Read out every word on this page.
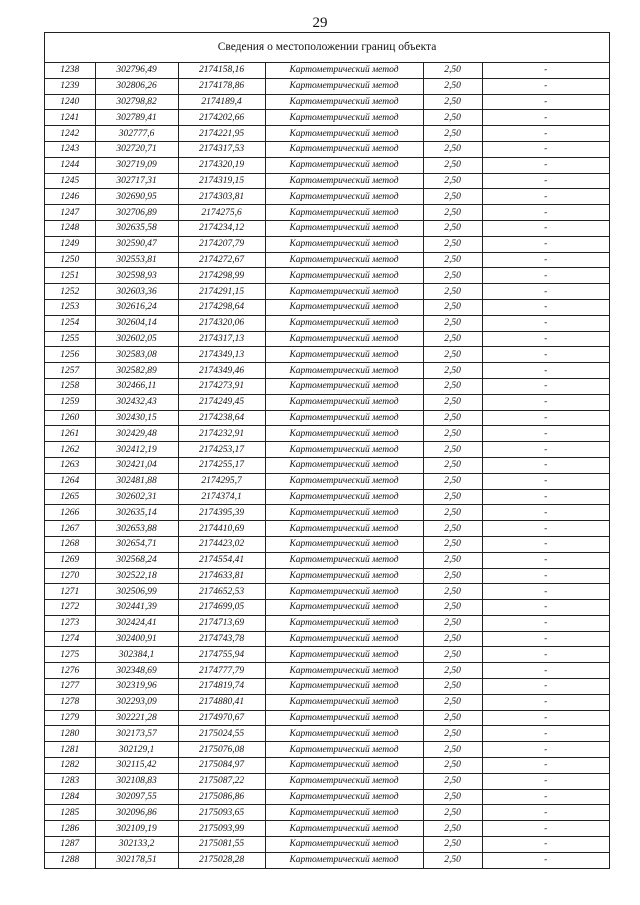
29
Сведения о местоположении границ объекта
1238	302796,49	2174158,16	Картометрический метод	2,50	-
1239	302806,26	2174178,86	Картометрический метод	2,50	-
1240	302798,82	2174189,4	Картометрический метод	2,50	-
1241	302789,41	2174202,66	Картометрический метод	2,50	-
1242	302777,6	2174221,95	Картометрический метод	2,50	-
1243	302720,71	2174317,53	Картометрический метод	2,50	-
1244	302719,09	2174320,19	Картометрический метод	2,50	-
1245	302717,31	2174319,15	Картометрический метод	2,50	-
1246	302690,95	2174303,81	Картометрический метод	2,50	-
1247	302706,89	2174275,6	Картометрический метод	2,50	-
1248	302635,58	2174234,12	Картометрический метод	2,50	-
1249	302590,47	2174207,79	Картометрический метод	2,50	-
1250	302553,81	2174272,67	Картометрический метод	2,50	-
1251	302598,93	2174298,99	Картометрический метод	2,50	-
1252	302603,36	2174291,15	Картометрический метод	2,50	-
1253	302616,24	2174298,64	Картометрический метод	2,50	-
1254	302604,14	2174320,06	Картометрический метод	2,50	-
1255	302602,05	2174317,13	Картометрический метод	2,50	-
1256	302583,08	2174349,13	Картометрический метод	2,50	-
1257	302582,89	2174349,46	Картометрический метод	2,50	-
1258	302466,11	2174273,91	Картометрический метод	2,50	-
1259	302432,43	2174249,45	Картометрический метод	2,50	-
1260	302430,15	2174238,64	Картометрический метод	2,50	-
1261	302429,48	2174232,91	Картометрический метод	2,50	-
1262	302412,19	2174253,17	Картометрический метод	2,50	-
1263	302421,04	2174255,17	Картометрический метод	2,50	-
1264	302481,88	2174295,7	Картометрический метод	2,50	-
1265	302602,31	2174374,1	Картометрический метод	2,50	-
1266	302635,14	2174395,39	Картометрический метод	2,50	-
1267	302653,88	2174410,69	Картометрический метод	2,50	-
1268	302654,71	2174423,02	Картометрический метод	2,50	-
1269	302568,24	2174554,41	Картометрический метод	2,50	-
1270	302522,18	2174633,81	Картометрический метод	2,50	-
1271	302506,99	2174652,53	Картометрический метод	2,50	-
1272	302441,39	2174699,05	Картометрический метод	2,50	-
1273	302424,41	2174713,69	Картометрический метод	2,50	-
1274	302400,91	2174743,78	Картометрический метод	2,50	-
1275	302384,1	2174755,94	Картометрический метод	2,50	-
1276	302348,69	2174777,79	Картометрический метод	2,50	-
1277	302319,96	2174819,74	Картометрический метод	2,50	-
1278	302293,09	2174880,41	Картометрический метод	2,50	-
1279	302221,28	2174970,67	Картометрический метод	2,50	-
1280	302173,57	2175024,55	Картометрический метод	2,50	-
1281	302129,1	2175076,08	Картометрический метод	2,50	-
1282	302115,42	2175084,97	Картометрический метод	2,50	-
1283	302108,83	2175087,22	Картометрический метод	2,50	-
1284	302097,55	2175086,86	Картометрический метод	2,50	-
1285	302096,86	2175093,65	Картометрический метод	2,50	-
1286	302109,19	2175093,99	Картометрический метод	2,50	-
1287	302133,2	2175081,55	Картометрический метод	2,50	-
1288	302178,51	2175028,28	Картометрический метод	2,50	-
